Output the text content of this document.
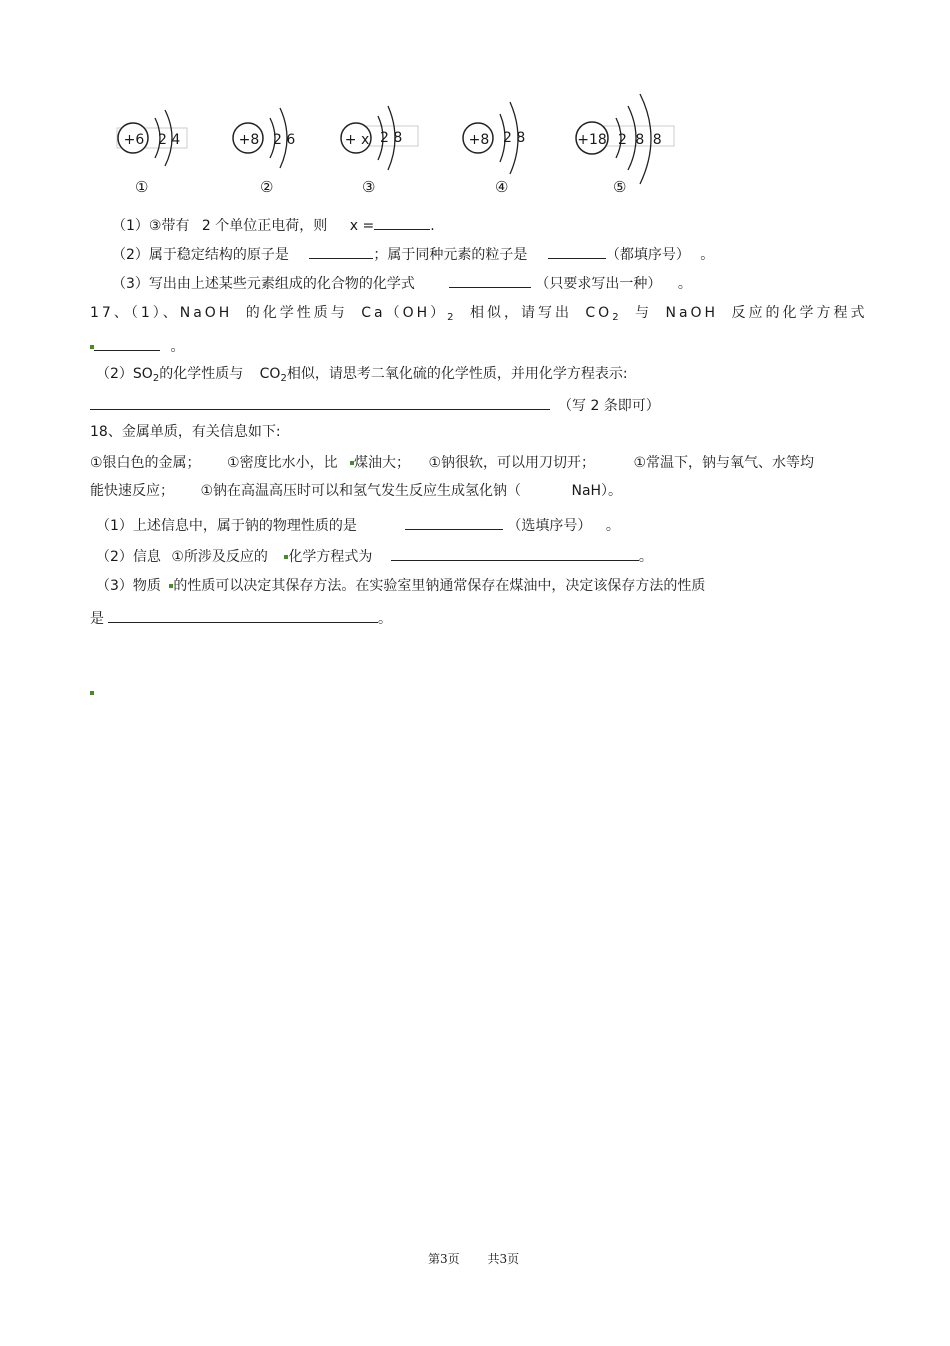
+6 2 4
①
+8 2 6
②
+ x 2 8
③
+8 2 8
④
+18 2 8 8
⑤
（1）③带有 2 个单位正电荷，则 x =	.
（2）属于稳定结构的原子是	；属于同种元素的粒子是	（都填序号） 。
（3）写出由上述某些元素组成的化合物的化学式	（只要求写出一种） 。
17、（1）、NaOH 的化学性质与 $Ca(OH)_2$ 相似，请写出 $CO_2$ 与 NaOH 反应的化学方程式
。
$(2)SO_2$的化学性质与 $CO_2$相似，请思考二氧化硫的化学性质，并用化学方程表示:
（写 2 条即可）
18、金属单质，有关信息如下:
①银白色的金属； ①密度比水小，比 煤油大； ①钠很软，可以用刀切开；	①常温下，钠与氧气、水等均
能快速反应； ①钠在高温高压时可以和氢气发生反应生成氢化钠（	NaH）。
（1）上述信息中，属于钠的物理性质的是	（选填序号） 。
（2）信息 ①所涉及反应的 化学方程式为	。
（3）物质 的性质可以决定其保存方法。在实验室里钠通常保存在煤油中，决定该保存方法的性质
是	。
第3页 共3页
